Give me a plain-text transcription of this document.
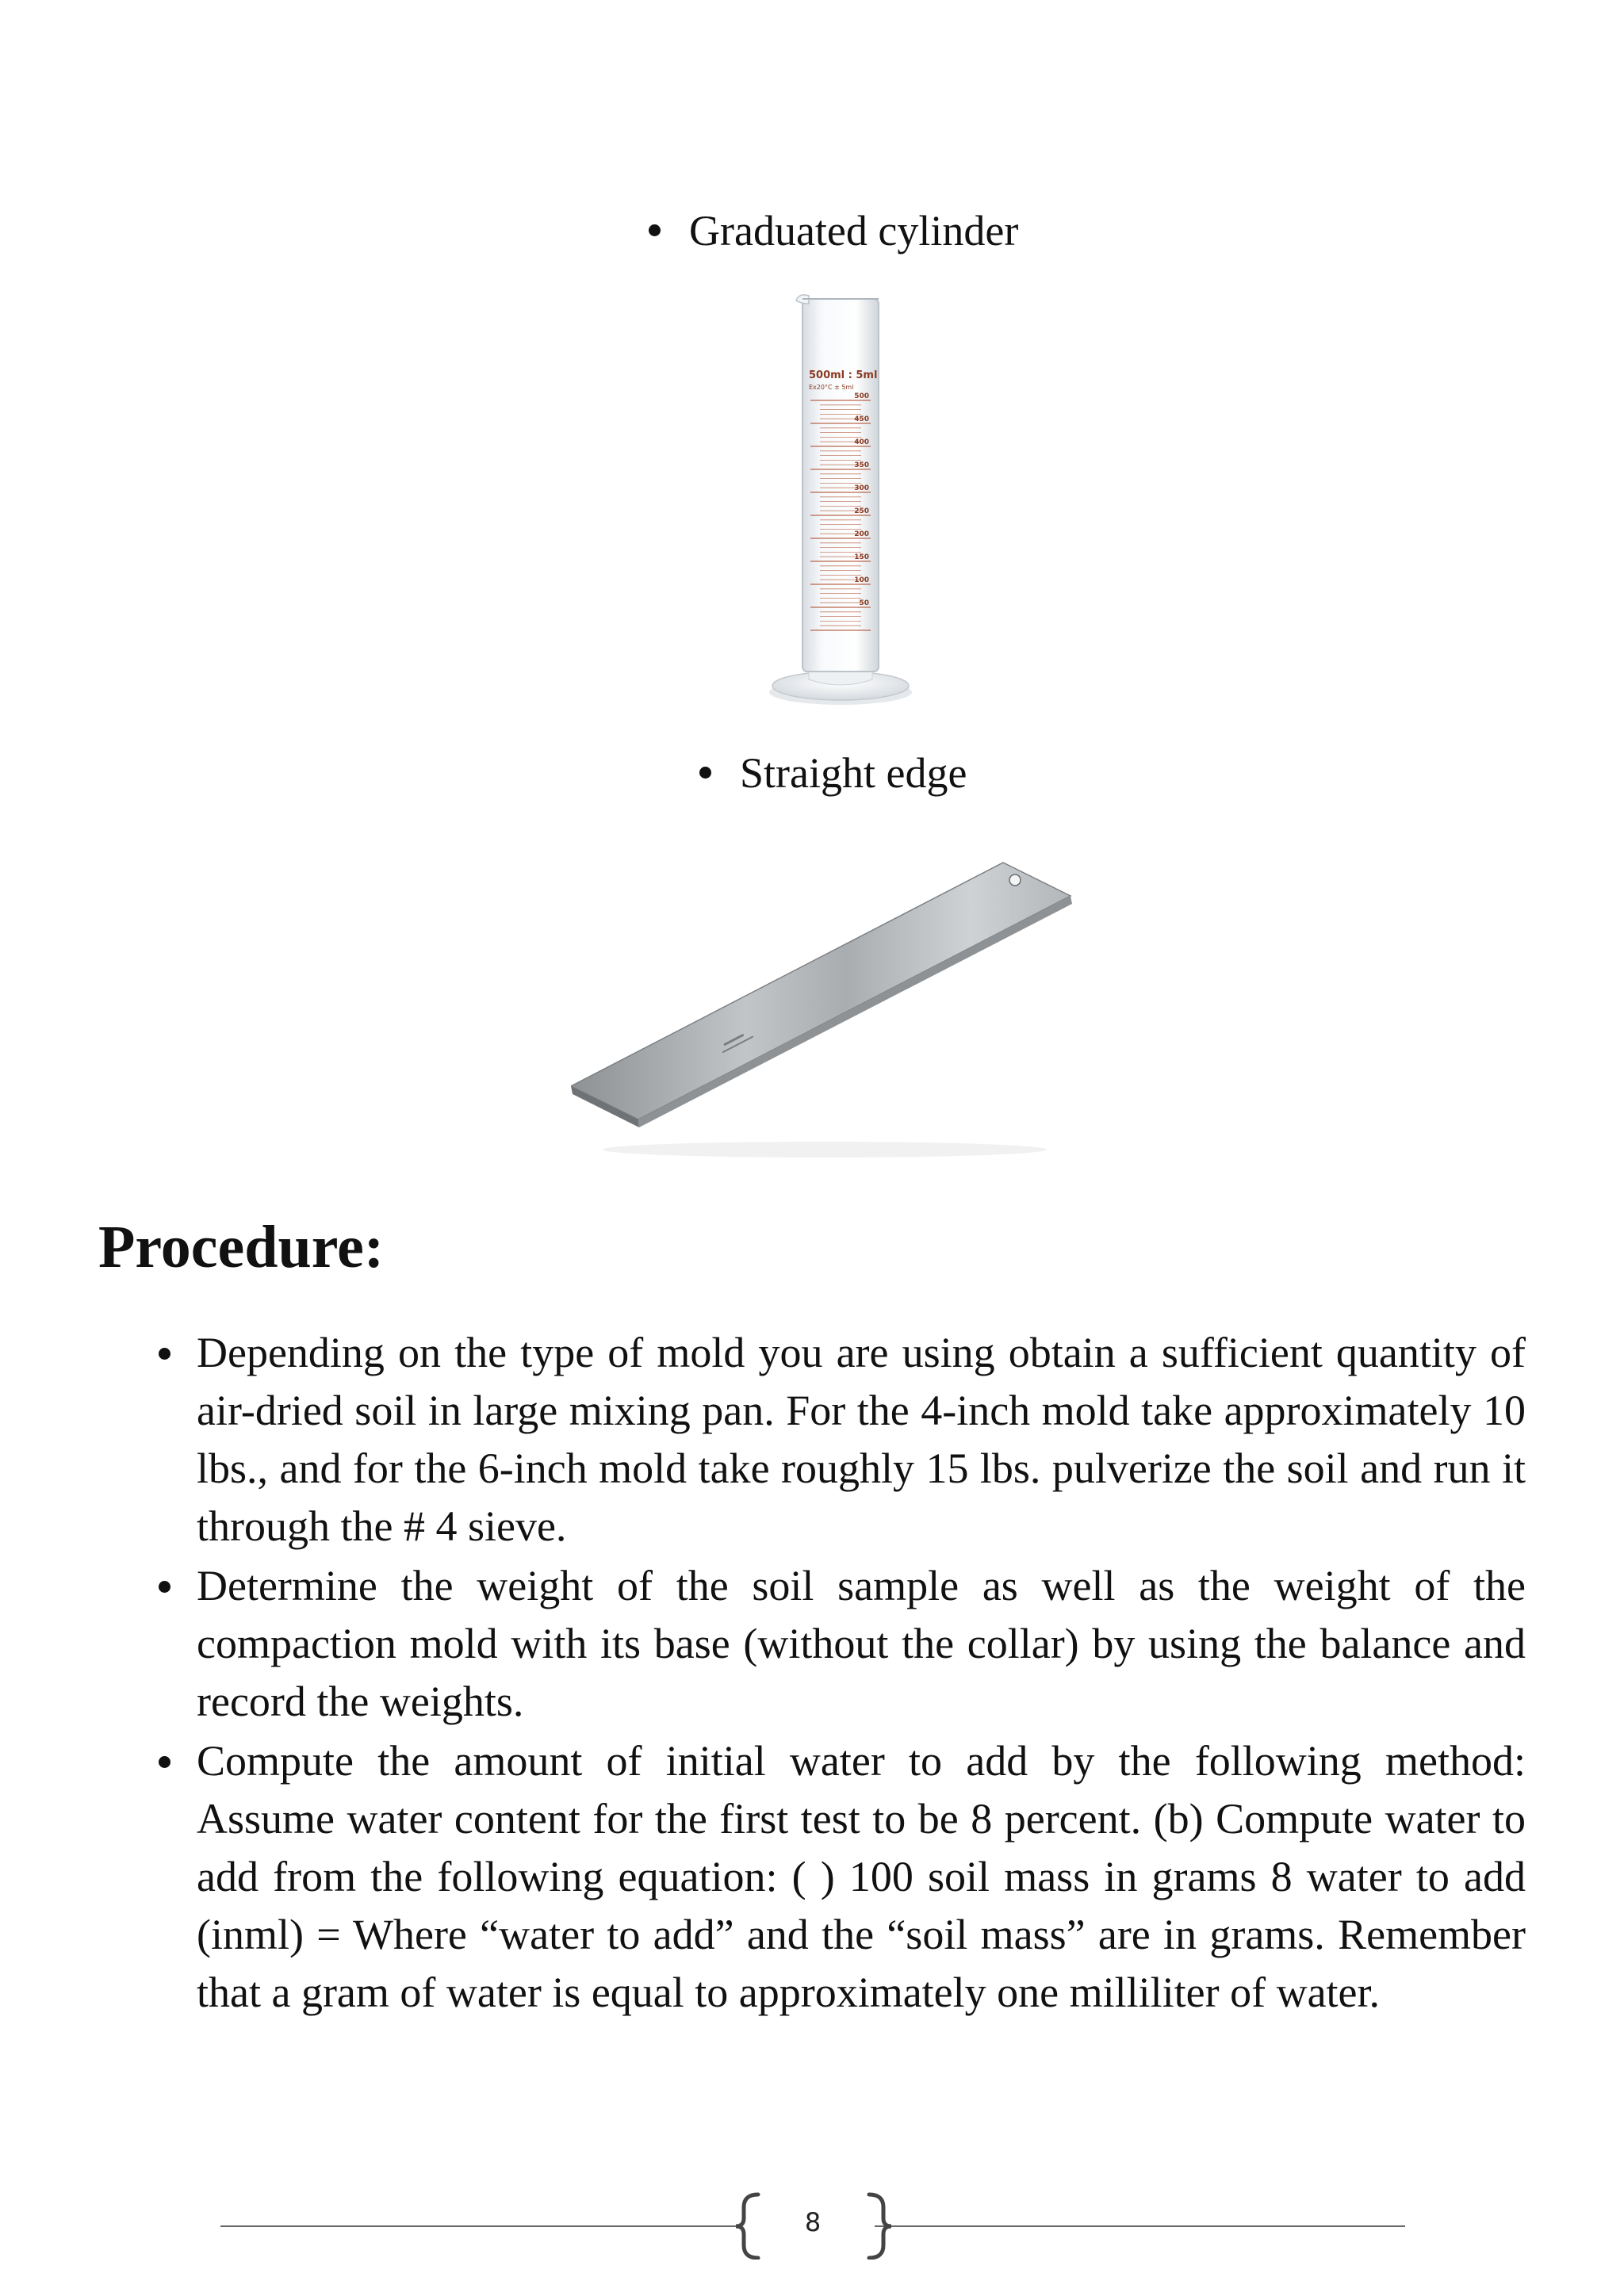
Graduated cylinder
500ml : 5ml
Ex20°C ± 5ml
500
450
400
350
300
250
200
150
100
50
Straight edge
Procedure:
Depending on the type of mold you are using obtain a sufficient quantity of air-dried soil in large mixing pan. For the 4-inch mold take approximately 10 lbs., and for the 6-inch mold take roughly 15 lbs. pulverize the soil and run it through the # 4 sieve.
Determine the weight of the soil sample as well as the weight of the compaction mold with its base (without the collar) by using the balance and record the weights.
Compute the amount of initial water to add by the following method: Assume water content for the first test to be 8 percent. (b) Compute water to add from the following equation: ( ) 100 soil mass in grams 8 water to add (inml) = Where “water to add” and the “soil mass” are in grams. Remember that a gram of water is equal to approximately one milliliter of water.
8
